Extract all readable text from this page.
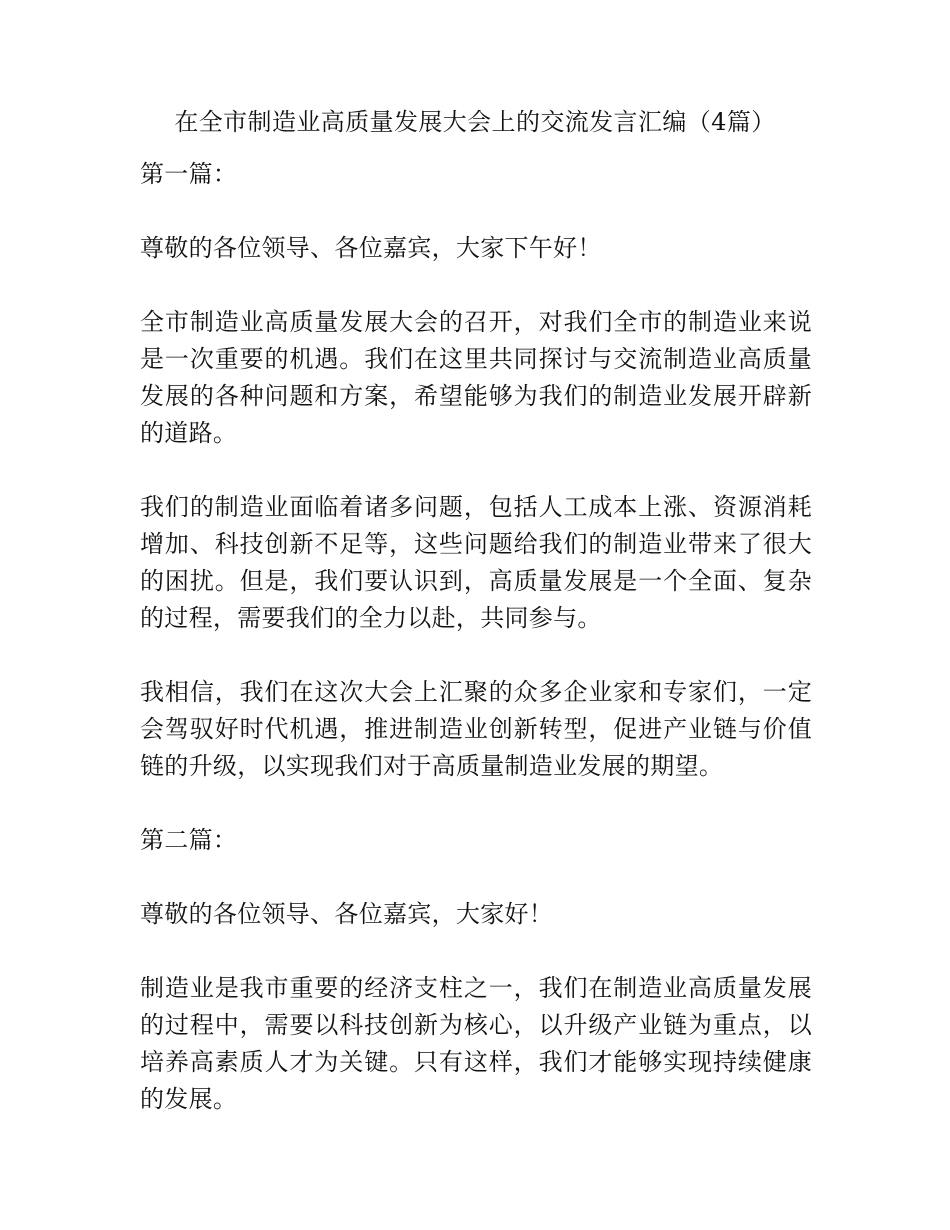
在全市制造业高质量发展大会上的交流发言汇编（4篇）

第一篇：

尊敬的各位领导、各位嘉宾，大家下午好！

全市制造业高质量发展大会的召开，对我们全市的制造业来说是一次重要的机遇。我们在这里共同探讨与交流制造业高质量发展的各种问题和方案，希望能够为我们的制造业发展开辟新的道路。

我们的制造业面临着诸多问题，包括人工成本上涨、资源消耗增加、科技创新不足等，这些问题给我们的制造业带来了很大的困扰。但是，我们要认识到，高质量发展是一个全面、复杂的过程，需要我们的全力以赴，共同参与。

我相信，我们在这次大会上汇聚的众多企业家和专家们，一定会驾驭好时代机遇，推进制造业创新转型，促进产业链与价值链的升级，以实现我们对于高质量制造业发展的期望。

第二篇：

尊敬的各位领导、各位嘉宾，大家好！

制造业是我市重要的经济支柱之一，我们在制造业高质量发展的过程中，需要以科技创新为核心，以升级产业链为重点，以培养高素质人才为关键。只有这样，我们才能够实现持续健康的发展。
